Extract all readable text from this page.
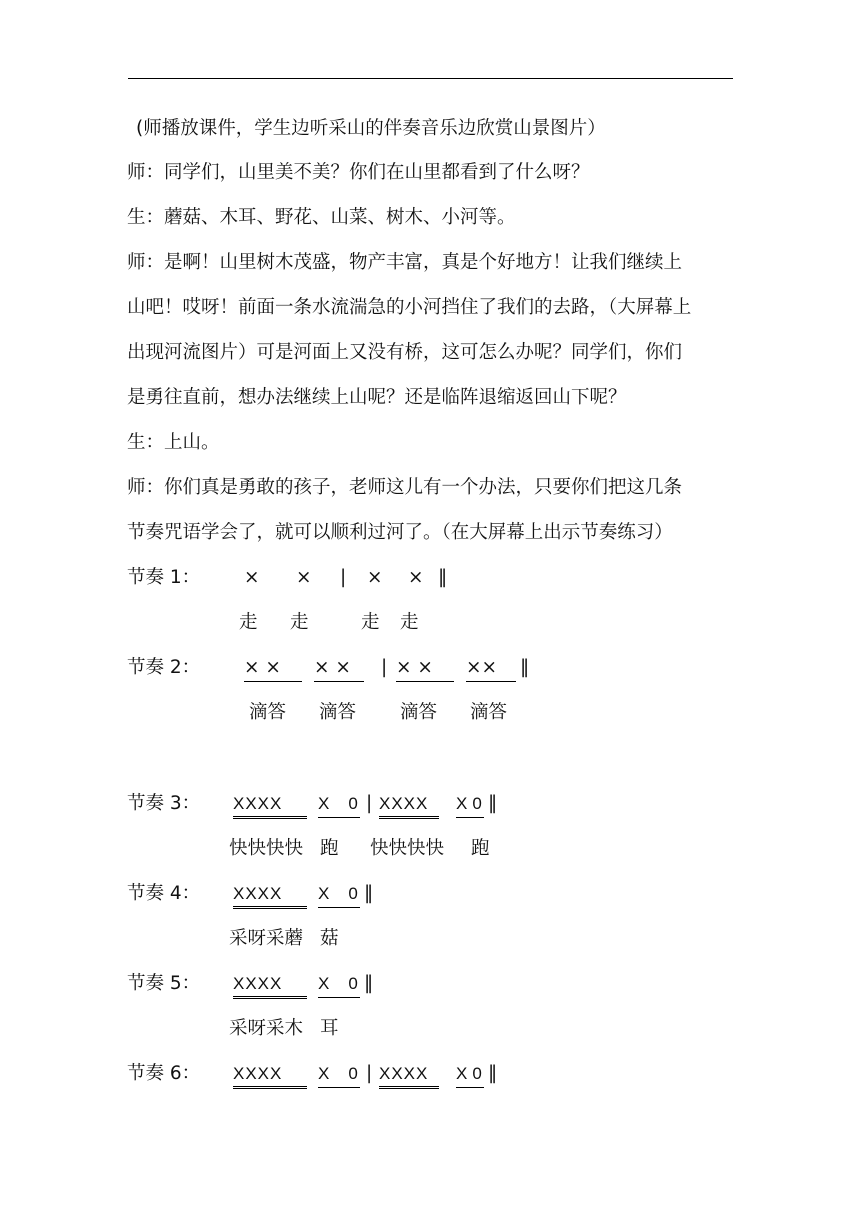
(师播放课件，学生边听采山的伴奏音乐边欣赏山景图片）
师：同学们，山里美不美？你们在山里都看到了什么呀？
生：蘑菇、木耳、野花、山菜、树木、小河等。
师：是啊！山里树木茂盛，物产丰富，真是个好地方！让我们继续上
山吧！哎呀！前面一条水流湍急的小河挡住了我们的去路，（大屏幕上
出现河流图片）可是河面上又没有桥，这可怎么办呢？同学们，你们
是勇往直前，想办法继续上山呢？还是临阵退缩返回山下呢？
生：上山。
师：你们真是勇敢的孩子，老师这儿有一个办法，只要你们把这几条
节奏咒语学会了，就可以顺利过河了。（在大屏幕上出示节奏练习）
节奏 1： × × | × × ‖
走 走	走 走
节奏 2： × ×	× ×	| × ×	××	‖
滴答 滴答 滴答 滴答
节奏 3： XXXX	X 0 | XXXX	X 0 ‖
快快快快 跑 快快快快 跑
节奏 4： XXXX	X 0 ‖
采呀采蘑 菇
节奏 5： XXXX	X 0 ‖
采呀采木 耳
节奏 6： XXXX	X 0 | XXXX	X 0 ‖
